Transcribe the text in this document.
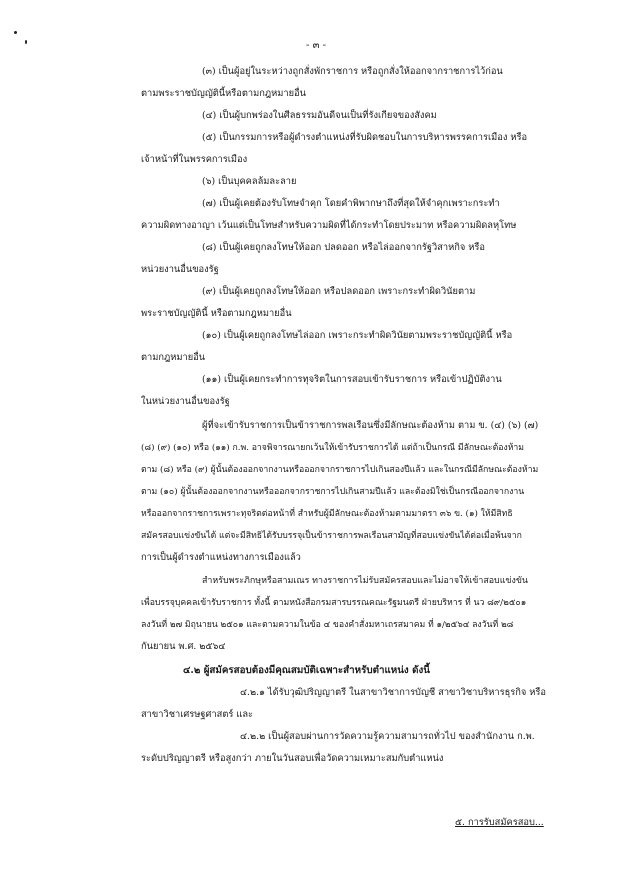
- ๓ -
(๓) เป็นผู้อยู่ในระหว่างถูกสั่งพักราชการ หรือถูกสั่งให้ออกจากราชการไว้ก่อน
ตามพระราชบัญญัตินี้หรือตามกฎหมายอื่น
(๔) เป็นผู้บกพร่องในศีลธรรมอันดีจนเป็นที่รังเกียจของสังคม
(๕) เป็นกรรมการหรือผู้ดำรงตำแหน่งที่รับผิดชอบในการบริหารพรรคการเมือง หรือ
เจ้าหน้าที่ในพรรคการเมือง
(๖) เป็นบุคคลล้มละลาย
(๗) เป็นผู้เคยต้องรับโทษจำคุก โดยคำพิพากษาถึงที่สุดให้จำคุกเพราะกระทำ
ความผิดทางอาญา เว้นแต่เป็นโทษสำหรับความผิดที่ได้กระทำโดยประมาท หรือความผิดลหุโทษ
(๘) เป็นผู้เคยถูกลงโทษให้ออก ปลดออก หรือไล่ออกจากรัฐวิสาหกิจ หรือ
หน่วยงานอื่นของรัฐ
(๙) เป็นผู้เคยถูกลงโทษให้ออก หรือปลดออก เพราะกระทำผิดวินัยตาม
พระราชบัญญัตินี้ หรือตามกฎหมายอื่น
(๑๐) เป็นผู้เคยถูกลงโทษไล่ออก เพราะกระทำผิดวินัยตามพระราชบัญญัตินี้ หรือ
ตามกฎหมายอื่น
(๑๑) เป็นผู้เคยกระทำการทุจริตในการสอบเข้ารับราชการ หรือเข้าปฏิบัติงาน
ในหน่วยงานอื่นของรัฐ
ผู้ที่จะเข้ารับราชการเป็นข้าราชการพลเรือนซึ่งมีลักษณะต้องห้าม ตาม ข. (๔) (๖) (๗)
(๘) (๙) (๑๐) หรือ (๑๑) ก.พ. อาจพิจารณายกเว้นให้เข้ารับราชการได้ แต่ถ้าเป็นกรณี มีลักษณะต้องห้าม
ตาม (๘) หรือ (๙) ผู้นั้นต้องออกจากงานหรือออกจากราชการไปเกินสองปีแล้ว และในกรณีมีลักษณะต้องห้าม
ตาม (๑๐) ผู้นั้นต้องออกจากงานหรือออกจากราชการไปเกินสามปีแล้ว และต้องมิใช่เป็นกรณีออกจากงาน
หรือออกจากราชการเพราะทุจริตต่อหน้าที่ สำหรับผู้มีลักษณะต้องห้ามตามมาตรา ๓๖ ข. (๑) ให้มีสิทธิ
สมัครสอบแข่งขันได้ แต่จะมีสิทธิได้รับบรรจุเป็นข้าราชการพลเรือนสามัญที่สอบแข่งขันได้ต่อเมื่อพ้นจาก
การเป็นผู้ดำรงตำแหน่งทางการเมืองแล้ว
สำหรับพระภิกษุหรือสามเณร ทางราชการไม่รับสมัครสอบและไม่อาจให้เข้าสอบแข่งขัน
เพื่อบรรจุบุคคลเข้ารับราชการ ทั้งนี้ ตามหนังสือกรมสารบรรณคณะรัฐมนตรี ฝ่ายบริหาร ที่ นว ๘๙/๒๕๐๑
ลงวันที่ ๒๗ มิถุนายน ๒๕๐๑ และตามความในข้อ ๔ ของคำสั่งมหาเถรสมาคม ที่ ๑/๒๕๖๔ ลงวันที่ ๒๘
กันยายน พ.ศ. ๒๕๖๔
๔.๒ ผู้สมัครสอบต้องมีคุณสมบัติเฉพาะสำหรับตำแหน่ง ดังนี้
๔.๒.๑ ได้รับวุฒิปริญญาตรี ในสาขาวิชาการบัญชี สาขาวิชาบริหารธุรกิจ หรือ
สาขาวิชาเศรษฐศาสตร์ และ
๔.๒.๒ เป็นผู้สอบผ่านการวัดความรู้ความสามารถทั่วไป ของสำนักงาน ก.พ.
ระดับปริญญาตรี หรือสูงกว่า ภายในวันสอบเพื่อวัดความเหมาะสมกับตำแหน่ง
๕. การรับสมัครสอบ...
